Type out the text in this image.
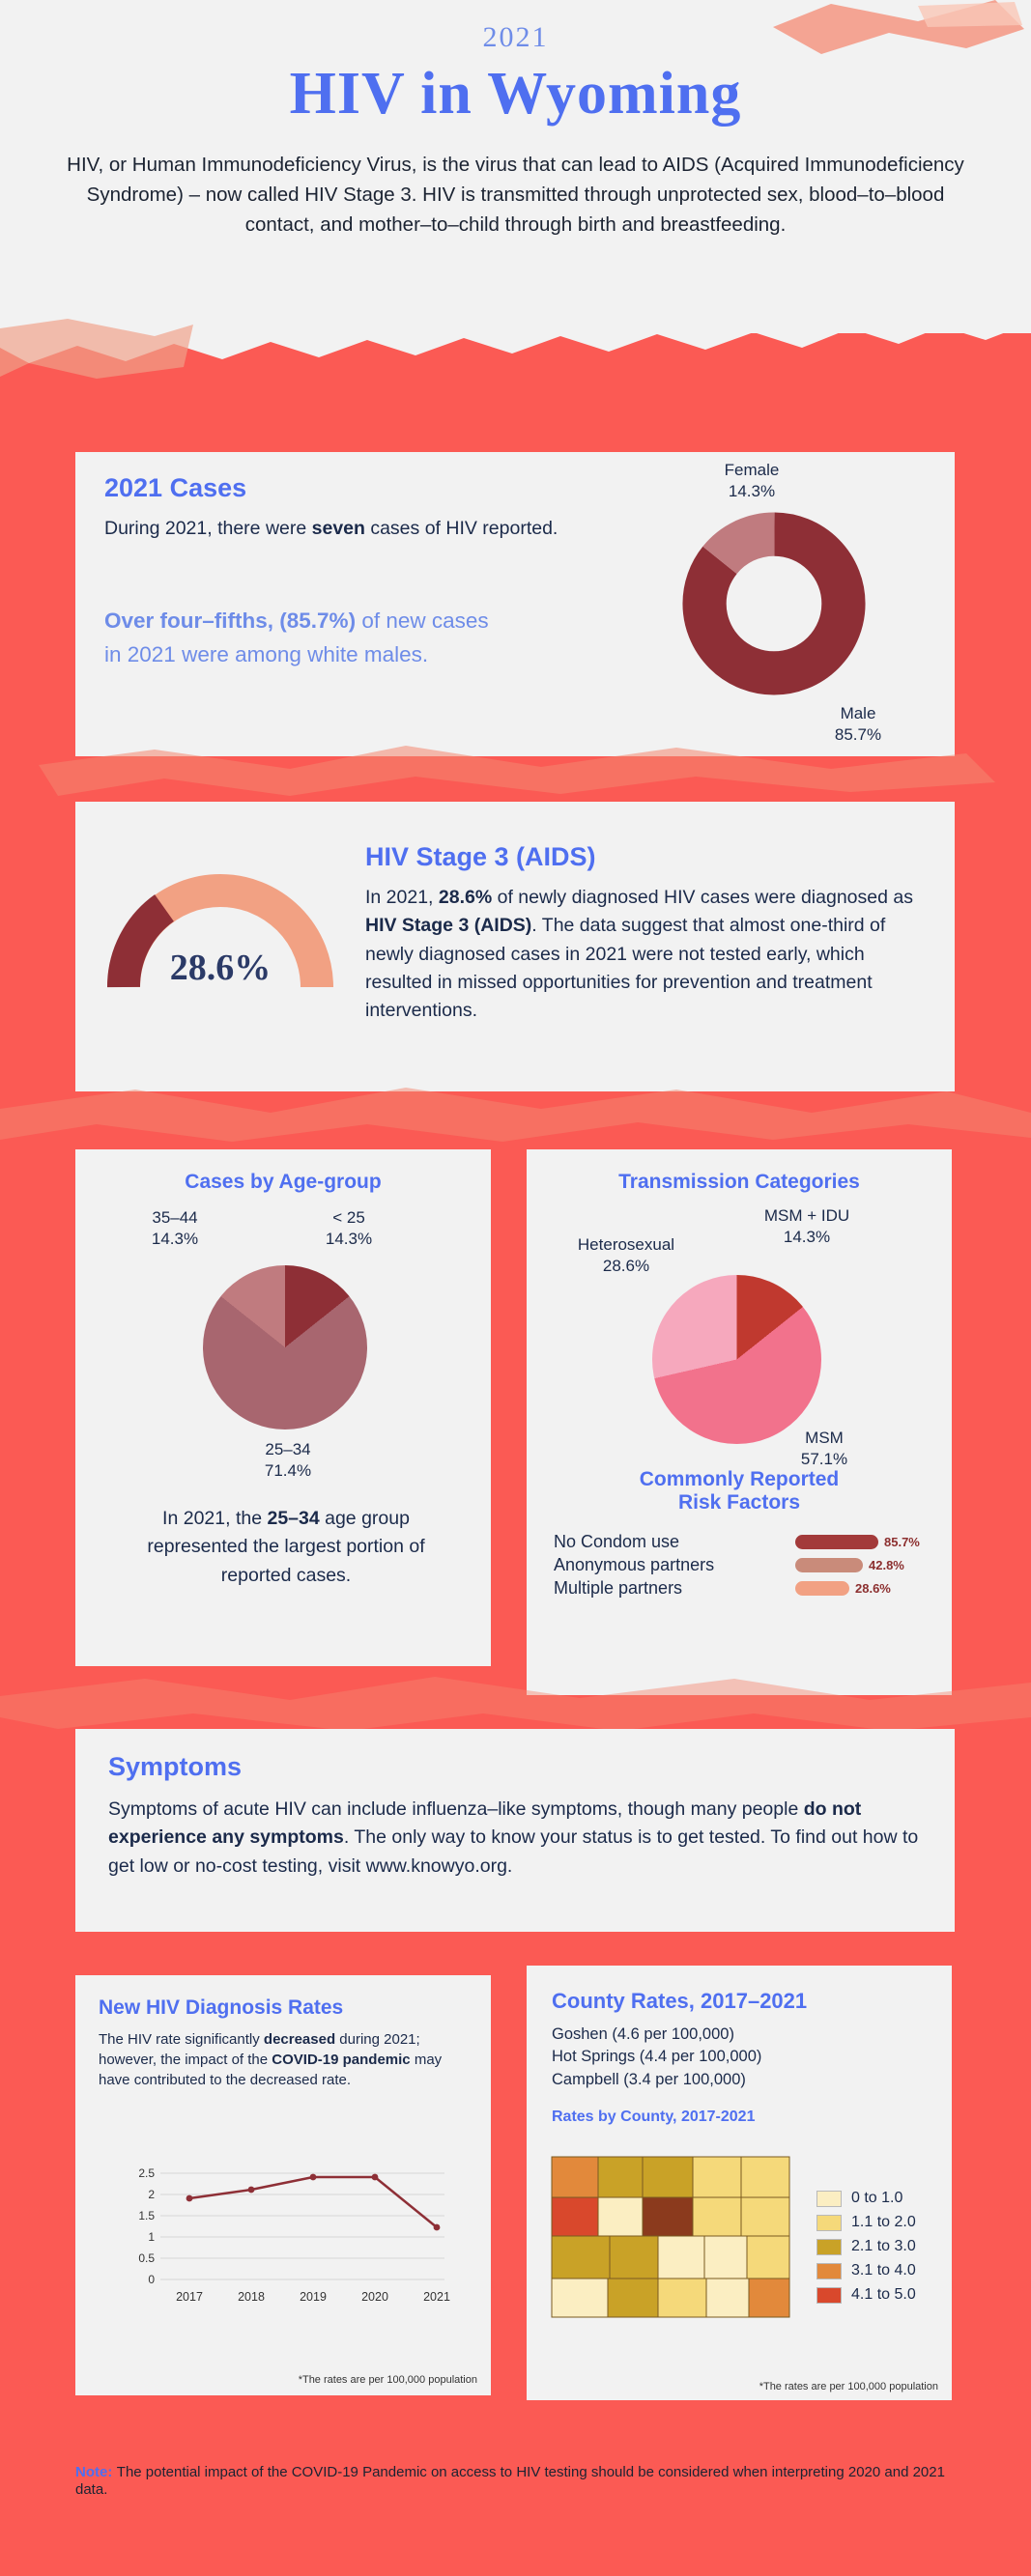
2021
HIV in Wyoming
HIV, or Human Immunodeficiency Virus, is the virus that can lead to AIDS (Acquired Immunodeficiency Syndrome) – now called HIV Stage 3. HIV is transmitted through unprotected sex, blood–to–blood contact, and mother–to–child through birth and breastfeeding.
2021 Cases

During 2021, there were seven cases of HIV reported.

Over four–fifths, (85.7%) of new cases in 2021 were among white males.
Female
14.3%
Male
85.7%
28.6%
HIV Stage 3 (AIDS)

In 2021, 28.6% of newly diagnosed HIV cases were diagnosed as HIV Stage 3 (AIDS). The data suggest that almost one-third of newly diagnosed cases in 2021 were not tested early, which resulted in missed opportunities for prevention and treatment interventions.

Cases by Age-group
35–44
14.3%
< 25
14.3%
25–34
71.4%

In 2021, the 25–34 age group represented the largest portion of reported cases.

Transmission Categories
MSM + IDU
14.3%
Heterosexual
28.6%
MSM
57.1%
Commonly Reported
Risk Factors
No Condom use	85.7%
Anonymous partners	42.8%
Multiple partners	28.6%
Symptoms

Symptoms of acute HIV can include influenza–like symptoms, though many people do not experience any symptoms. The only way to know your status is to get tested. To find out how to get low or no-cost testing, visit www.knowyo.org.

New HIV Diagnosis Rates

The HIV rate significantly decreased during 2021; however, the impact of the COVID-19 pandemic may have contributed to the decreased rate.

2.5
2
1.5
1
0.5
0
2017	2018	2019	2020	2021
*The rates are per 100,000 population
County Rates, 2017–2021
Goshen (4.6 per 100,000)
Hot Springs (4.4 per 100,000)
Campbell (3.4 per 100,000)
Rates by County, 2017-2021
0 to 1.0
1.1 to 2.0
2.1 to 3.0
3.1 to 4.0
4.1 to 5.0
*The rates are per 100,000 population
Note: The potential impact of the COVID-19 Pandemic on access to HIV testing should be considered when interpreting 2020 and 2021 data.
